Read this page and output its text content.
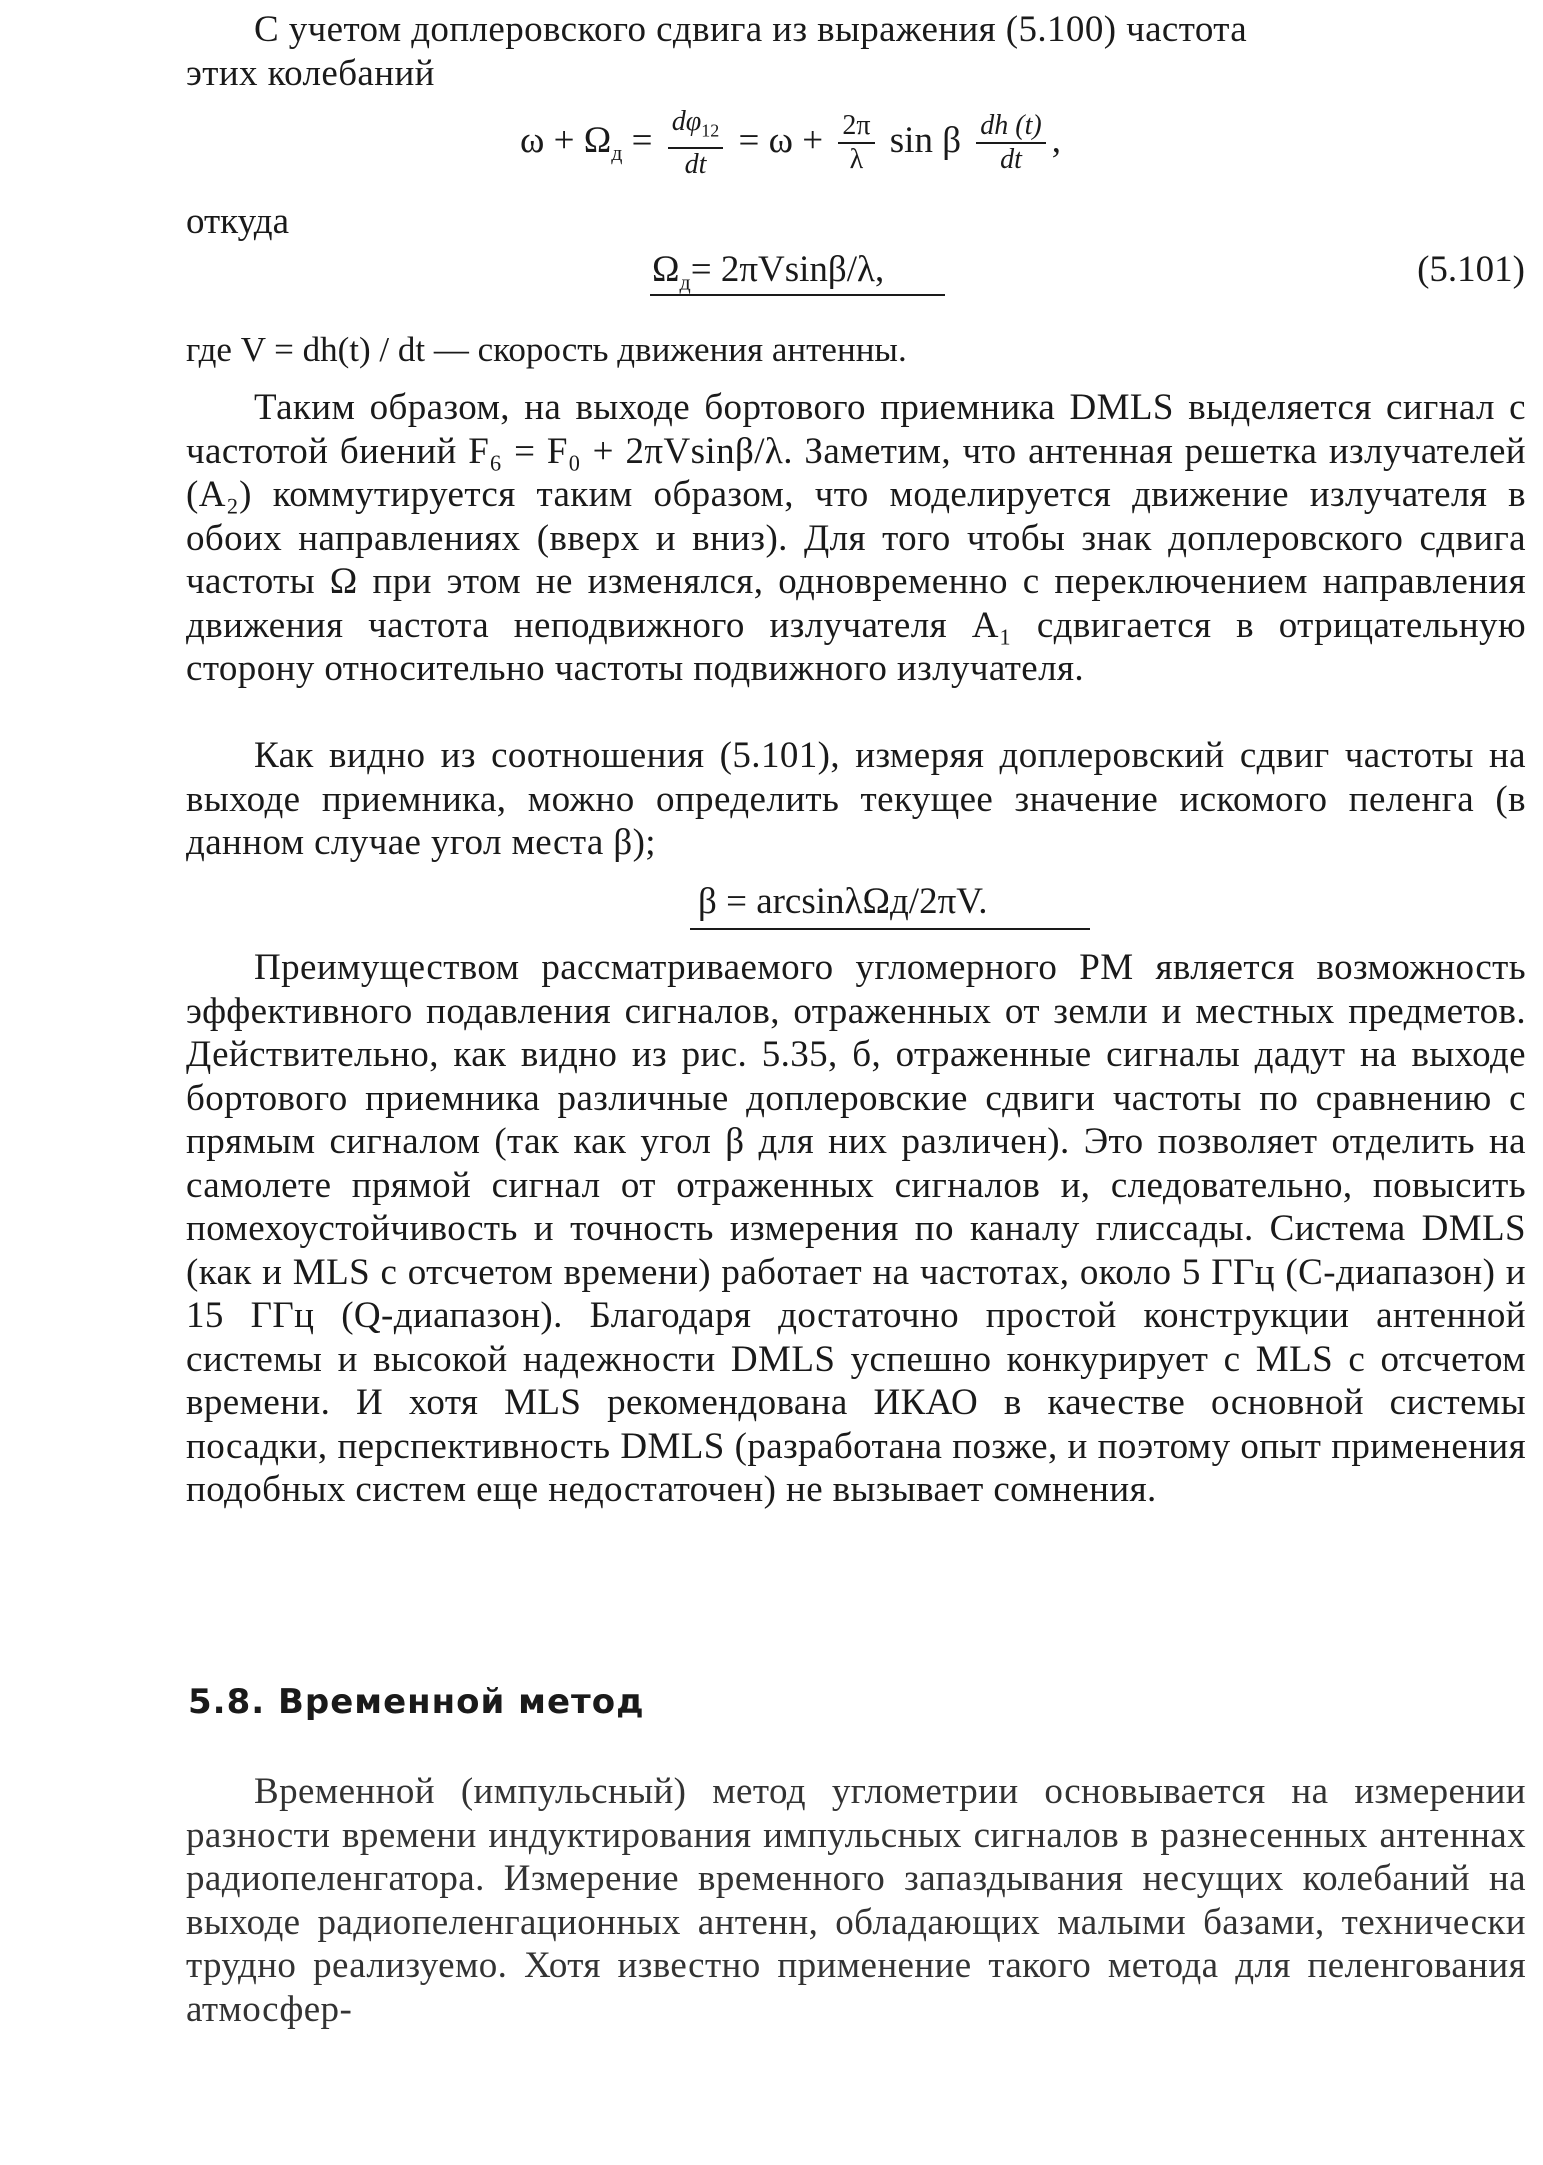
С учетом доплеровского сдвига из выражения (5.100) частота
этих колебаний
$\omega + \Omega_д = \frac{d\varphi_{12}}{dt} = \omega + \frac{2\pi}{\lambda}$ sin β $\frac{dh (t)}{dt}$ ,
откуда
$\Omega_д= 2\pi Vsin\beta/\lambda$,	(5.101)
где V = dh(t) / dt — скорость движения антенны.
Таким образом, на выходе бортового приемника DMLS выделяется сигнал с частотой биений F₆ = F₀ + 2πVsinβ/λ. Заметим, что антенная решетка излучателей (A₂) коммутируется таким образом, что моделируется движение излучателя в обоих направлениях (вверх и вниз). Для того чтобы знак доплеровского сдвига частоты Ω при этом не изменялся, одновременно с переключением направления движения частота неподвижного излучателя A₁ сдвигается в отрицательную сторону относительно частоты подвижного излучателя.
Как видно из соотношения (5.101), измеряя доплеровский сдвиг частоты на выходе приемника, можно определить текущее значение искомого пеленга (в данном случае угол места β);
β = arcsinλΩд/2πV.
Преимуществом рассматриваемого угломерного РМ является возможность эффективного подавления сигналов, отраженных от земли и местных предметов. Действительно, как видно из рис. 5.35, б, отраженные сигналы дадут на выходе бортового приемника различные доплеровские сдвиги частоты по сравнению с прямым сигналом (так как угол β для них различен). Это позволяет отделить на самолете прямой сигнал от отраженных сигналов и, следовательно, повысить помехоустойчивость и точность измерения по каналу глиссады. Система DMLS (как и MLS с отсчетом времени) работает на частотах, около 5 ГГц (С-диапазон) и 15 ГГц (Q-диапазон). Благодаря достаточно простой конструкции антенной системы и высокой надежности DMLS успешно конкурирует с MLS с отсчетом времени. И хотя MLS рекомендована ИКАО в качестве основной системы посадки, перспективность DMLS (разработана позже, и поэтому опыт применения подобных систем еще недостаточен) не вызывает сомнения.
5.8. Временной метод
Временной (импульсный) метод углометрии основывается на измерении разности времени индуктирования импульсных сигналов в разнесенных антеннах радиопеленгатора. Измерение временного запаздывания несущих колебаний на выходе радиопеленгационных антенн, обладающих малыми базами, технически трудно реализуемо. Хотя известно применение такого метода для пеленгования атмосфер-
